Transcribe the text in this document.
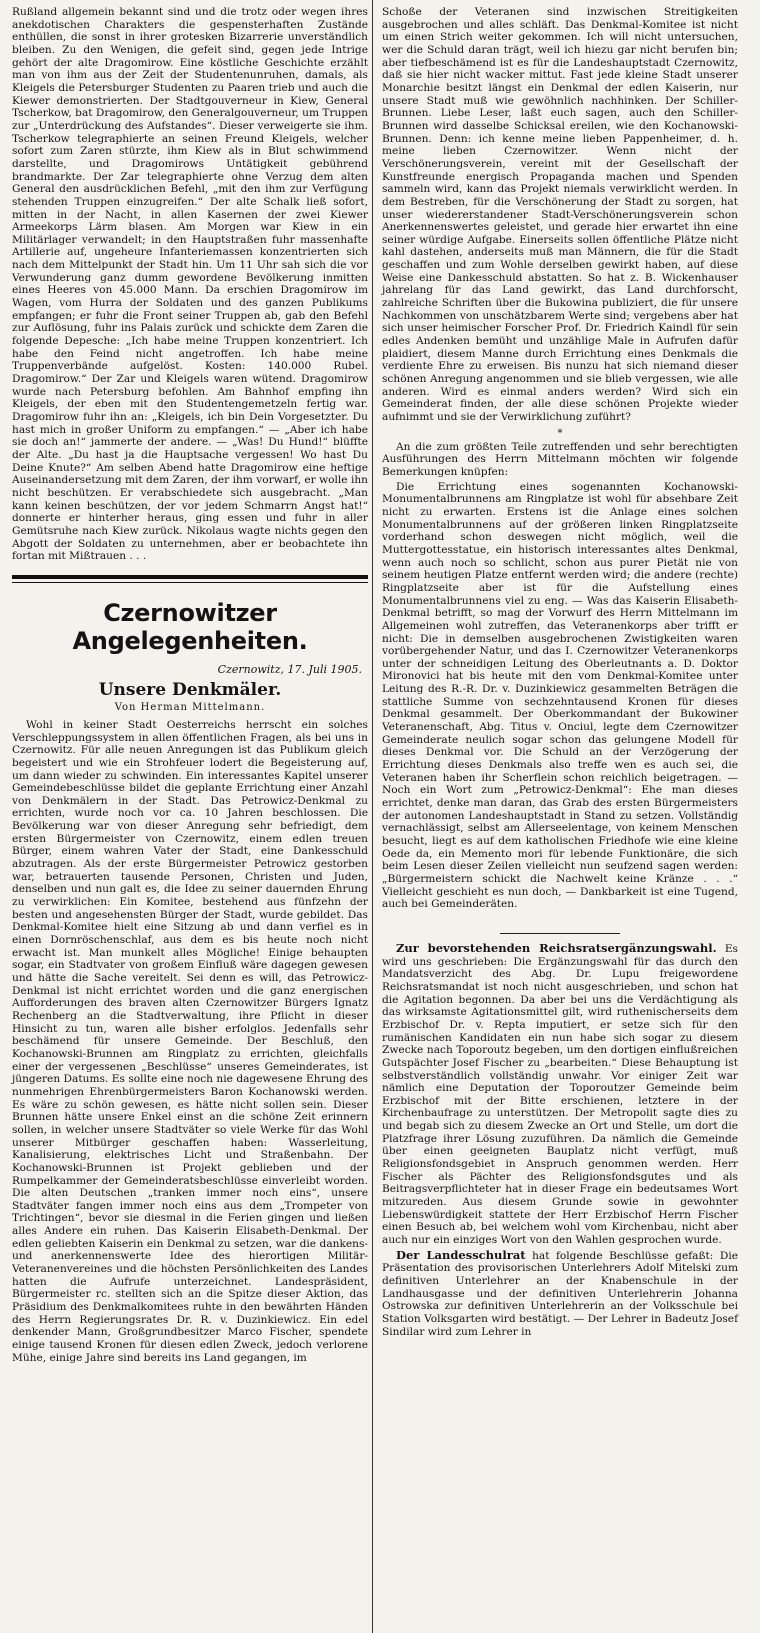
Rußland allgemein bekannt sind und die trotz oder wegen ihres anekdotischen Charakters die gespensterhaften Zustände enthüllen, die sonst in ihrer grotesken Bizarrerie unverständlich bleiben. Zu den Wenigen, die gefeit sind, gegen jede Intrige gehört der alte Dragomirow. Eine köstliche Geschichte erzählt man von ihm aus der Zeit der Studentenunruhen, damals, als Kleigels die Petersburger Studenten zu Paaren trieb und auch die Kiewer demonstrierten. Der Stadtgouverneur in Kiew, General Tscherkow, bat Dragomirow, den Generalgouverneur, um Truppen zur „Unterdrückung des Aufstandes“. Dieser verweigerte sie ihm. Tscherkow telegraphierte an seinen Freund Kleigels, welcher sofort zum Zaren stürzte, ihm Kiew als in Blut schwimmend darstellte, und Dragomirows Untätigkeit gebührend brandmarkte. Der Zar telegraphierte ohne Verzug dem alten General den ausdrücklichen Befehl, „mit den ihm zur Verfügung stehenden Truppen einzugreifen.“ Der alte Schalk ließ sofort, mitten in der Nacht, in allen Kasernen der zwei Kiewer Armeekorps Lärm blasen. Am Morgen war Kiew in ein Militärlager verwandelt; in den Hauptstraßen fuhr massenhafte Artillerie auf, ungeheure Infanteriemassen konzentrierten sich nach dem Mittelpunkt der Stadt hin. Um 11 Uhr sah sich die vor Verwunderung ganz dumm gewordene Bevölkerung inmitten eines Heeres von 45.000 Mann. Da erschien Dragomirow im Wagen, vom Hurra der Soldaten und des ganzen Publikums empfangen; er fuhr die Front seiner Truppen ab, gab den Befehl zur Auflösung, fuhr ins Palais zurück und schickte dem Zaren die folgende Depesche: „Ich habe meine Truppen konzentriert. Ich habe den Feind nicht angetroffen. Ich habe meine Truppenverbände aufgelöst. Kosten: 140.000 Rubel. Dragomirow.“ Der Zar und Kleigels waren wütend. Dragomirow wurde nach Petersburg befohlen. Am Bahnhof empfing ihn Kleigels, der eben mit den Studentengemetzeln fertig war. Dragomirow fuhr ihn an: „Kleigels, ich bin Dein Vorgesetzter. Du hast mich in großer Uniform zu empfangen.“ — „Aber ich habe sie doch an!“ jammerte der andere. — „Was! Du Hund!“ blüffte der Alte. „Du hast ja die Hauptsache vergessen! Wo hast Du Deine Knute?“ Am selben Abend hatte Dragomirow eine heftige Auseinandersetzung mit dem Zaren, der ihm vorwarf, er wolle ihn nicht beschützen. Er verabschiedete sich ausgebracht. „Man kann keinen beschützen, der vor jedem Schmarrn Angst hat!“ donnerte er hinterher heraus, ging essen und fuhr in aller Gemütsruhe nach Kiew zurück. Nikolaus wagte nichts gegen den Abgott der Soldaten zu unternehmen, aber er beobachtete ihn fortan mit Mißtrauen . . .

Czernowitzer Angelegenheiten.
Czernowitz, 17. Juli 1905.
Unsere Denkmäler.
Von Herman Mittelmann.

Wohl in keiner Stadt Oesterreichs herrscht ein solches Verschleppungssystem in allen öffentlichen Fragen, als bei uns in Czernowitz. Für alle neuen Anregungen ist das Publikum gleich begeistert und wie ein Strohfeuer lodert die Begeisterung auf, um dann wieder zu schwinden. Ein interessantes Kapitel unserer Gemeindebeschlüsse bildet die geplante Errichtung einer Anzahl von Denkmälern in der Stadt. Das Petrowicz-Denkmal zu errichten, wurde noch vor ca. 10 Jahren beschlossen. Die Bevölkerung war von dieser Anregung sehr befriedigt, dem ersten Bürgermeister von Czernowitz, einem edlen treuen Bürger, einem wahren Vater der Stadt, eine Dankesschuld abzutragen. Als der erste Bürgermeister Petrowicz gestorben war, betrauerten tausende Personen, Christen und Juden, denselben und nun galt es, die Idee zu seiner dauernden Ehrung zu verwirklichen: Ein Komitee, bestehend aus fünfzehn der besten und angesehensten Bürger der Stadt, wurde gebildet. Das Denkmal-Komitee hielt eine Sitzung ab und dann verfiel es in einen Dornröschenschlaf, aus dem es bis heute noch nicht erwacht ist. Man munkelt alles Mögliche! Einige behaupten sogar, ein Stadtvater von großem Einfluß wäre dagegen gewesen und hätte die Sache vereitelt. Sei denn es will, das Petrowicz-Denkmal ist nicht errichtet worden und die ganz energischen Aufforderungen des braven alten Czernowitzer Bürgers Ignatz Rechenberg an die Stadtverwaltung, ihre Pflicht in dieser Hinsicht zu tun, waren alle bisher erfolglos. Jedenfalls sehr beschämend für unsere Gemeinde. Der Beschluß, den Kochanowski-Brunnen am Ringplatz zu errichten, gleichfalls einer der vergessenen „Beschlüsse“ unseres Gemeinderates, ist jüngeren Datums. Es sollte eine noch nie dagewesene Ehrung des nunmehrigen Ehrenbürgermeisters Baron Kochanowski werden. Es wäre zu schön gewesen, es hätte nicht sollen sein. Dieser Brunnen hätte unsere Enkel einst an die schöne Zeit erinnern sollen, in welcher unsere Stadtväter so viele Werke für das Wohl unserer Mitbürger geschaffen haben: Wasserleitung, Kanalisierung, elektrisches Licht und Straßenbahn. Der Kochanowski-Brunnen ist Projekt geblieben und der Rumpelkammer der Gemeinderatsbeschlüsse einverleibt worden. Die alten Deutschen „tranken immer noch eins“, unsere Stadtväter fangen immer noch eins aus dem „Trompeter von Trichtingen“, bevor sie diesmal in die Ferien gingen und ließen alles Andere ein ruhen. Das Kaiserin Elisabeth-Denkmal. Der edlen geliebten Kaiserin ein Denkmal zu setzen, war die dankens- und anerkennenswerte Idee des hierortigen Militär-Veteranenvereines und die höchsten Persönlichkeiten des Landes hatten die Aufrufe unterzeichnet. Landespräsident, Bürgermeister rc. stellten sich an die Spitze dieser Aktion, das Präsidium des Denkmalkomitees ruhte in den bewährten Händen des Herrn Regierungsrates Dr. R. v. Duzinkiewicz. Ein edel denkender Mann, Großgrundbesitzer Marco Fischer, spendete einige tausend Kronen für diesen edlen Zweck, jedoch verlorene Mühe, einige Jahre sind bereits ins Land gegangen, im

Schoße der Veteranen sind inzwischen Streitigkeiten ausgebrochen und alles schläft. Das Denkmal-Komitee ist nicht um einen Strich weiter gekommen. Ich will nicht untersuchen, wer die Schuld daran trägt, weil ich hiezu gar nicht berufen bin; aber tiefbeschämend ist es für die Landeshauptstadt Czernowitz, daß sie hier nicht wacker mittut. Fast jede kleine Stadt unserer Monarchie besitzt längst ein Denkmal der edlen Kaiserin, nur unsere Stadt muß wie gewöhnlich nachhinken. Der Schiller-Brunnen. Liebe Leser, laßt euch sagen, auch den Schiller-Brunnen wird dasselbe Schicksal ereilen, wie den Kochanowski-Brunnen. Denn: ich kenne meine lieben Pappenheimer, d. h. meine lieben Czernowitzer. Wenn nicht der Verschönerungsverein, vereint mit der Gesellschaft der Kunstfreunde energisch Propaganda machen und Spenden sammeln wird, kann das Projekt niemals verwirklicht werden. In dem Bestreben, für die Verschönerung der Stadt zu sorgen, hat unser wiedererstandener Stadt-Verschönerungsverein schon Anerkennenswertes geleistet, und gerade hier erwartet ihn eine seiner würdige Aufgabe. Einerseits sollen öffentliche Plätze nicht kahl dastehen, anderseits muß man Männern, die für die Stadt geschaffen und zum Wohle derselben gewirkt haben, auf diese Weise eine Dankesschuld abstatten. So hat z. B. Wickenhauser jahrelang für das Land gewirkt, das Land durchforscht, zahlreiche Schriften über die Bukowina publiziert, die für unsere Nachkommen von unschätzbarem Werte sind; vergebens aber hat sich unser heimischer Forscher Prof. Dr. Friedrich Kaindl für sein edles Andenken bemüht und unzählige Male in Aufrufen dafür plaidiert, diesem Manne durch Errichtung eines Denkmals die verdiente Ehre zu erweisen. Bis nunzu hat sich niemand dieser schönen Anregung angenommen und sie blieb vergessen, wie alle anderen. Wird es einmal anders werden? Wird sich ein Gemeinderat finden, der alle diese schönen Projekte wieder aufnimmt und sie der Verwirklichung zuführt?

*

An die zum größten Teile zutreffenden und sehr berechtigten Ausführungen des Herrn Mittelmann möchten wir folgende Bemerkungen knüpfen:

Die Errichtung eines sogenannten Kochanowski-Monumentalbrunnens am Ringplatze ist wohl für absehbare Zeit nicht zu erwarten. Erstens ist die Anlage eines solchen Monumentalbrunnens auf der größeren linken Ringplatzseite vorderhand schon deswegen nicht möglich, weil die Muttergottesstatue, ein historisch interessantes altes Denkmal, wenn auch noch so schlicht, schon aus purer Pietät nie von seinem heutigen Platze entfernt werden wird; die andere (rechte) Ringplatzseite aber ist für die Aufstellung eines Monumentalbrunnens viel zu eng. — Was das Kaiserin Elisabeth-Denkmal betrifft, so mag der Vorwurf des Herrn Mittelmann im Allgemeinen wohl zutreffen, das Veteranenkorps aber trifft er nicht: Die in demselben ausgebrochenen Zwistigkeiten waren vorübergehender Natur, und das I. Czernowitzer Veteranenkorps unter der schneidigen Leitung des Oberleutnants a. D. Doktor Mironovici hat bis heute mit den vom Denkmal-Komitee unter Leitung des R.-R. Dr. v. Duzinkiewicz gesammelten Beträgen die stattliche Summe von sechzehntausend Kronen für dieses Denkmal gesammelt. Der Oberkommandant der Bukowiner Veteranenschaft, Abg. Titus v. Onciul, legte dem Czernowitzer Gemeinderate neulich sogar schon das gelungene Modell für dieses Denkmal vor. Die Schuld an der Verzögerung der Errichtung dieses Denkmals also treffe wen es auch sei, die Veteranen haben ihr Scherflein schon reichlich beigetragen. — Noch ein Wort zum „Petrowicz-Denkmal“: Ehe man dieses errichtet, denke man daran, das Grab des ersten Bürgermeisters der autonomen Landeshauptstadt in Stand zu setzen. Vollständig vernachlässigt, selbst am Allerseelentage, von keinem Menschen besucht, liegt es auf dem katholischen Friedhofe wie eine kleine Oede da, ein Memento mori für lebende Funktionäre, die sich beim Lesen dieser Zeilen vielleicht nun seufzend sagen werden: „Bürgermeistern schickt die Nachwelt keine Kränze . . .“ Vielleicht geschieht es nun doch, — Dankbarkeit ist eine Tugend, auch bei Gemeinderäten.

Zur bevorstehenden Reichsratsergänzungswahl. Es wird uns geschrieben: Die Ergänzungswahl für das durch den Mandatsverzicht des Abg. Dr. Lupu freigewordene Reichsratsmandat ist noch nicht ausgeschrieben, und schon hat die Agitation begonnen. Da aber bei uns die Verdächtigung als das wirksamste Agitationsmittel gilt, wird ruthenischerseits dem Erzbischof Dr. v. Repta imputiert, er setze sich für den rumänischen Kandidaten ein nun habe sich sogar zu diesem Zwecke nach Toporoutz begeben, um den dortigen einflußreichen Gutspächter Josef Fischer zu „bearbeiten.“ Diese Behauptung ist selbstverständlich vollständig unwahr. Vor einiger Zeit war nämlich eine Deputation der Toporoutzer Gemeinde beim Erzbischof mit der Bitte erschienen, letztere in der Kirchenbaufrage zu unterstützen. Der Metropolit sagte dies zu und begab sich zu diesem Zwecke an Ort und Stelle, um dort die Platzfrage ihrer Lösung zuzuführen. Da nämlich die Gemeinde über einen geeigneten Bauplatz nicht verfügt, muß Religionsfondsgebiet in Anspruch genommen werden. Herr Fischer als Pächter des Religionsfondsgutes und als Beitragsverpflichteter hat in dieser Frage ein bedeutsames Wort mitzureden. Aus diesem Grunde sowie in gewohnter Liebenswürdigkeit stattete der Herr Erzbischof Herrn Fischer einen Besuch ab, bei welchem wohl vom Kirchenbau, nicht aber auch nur ein einziges Wort von den Wahlen gesprochen wurde.

Der Landesschulrat hat folgende Beschlüsse gefaßt: Die Präsentation des provisorischen Unterlehrers Adolf Mitelski zum definitiven Unterlehrer an der Knabenschule in der Landhausgasse und der definitiven Unterlehrerin Johanna Ostrowska zur definitiven Unterlehrerin an der Volksschule bei Station Volksgarten wird bestätigt. — Der Lehrer in Badeutz Josef Sindilar wird zum Lehrer in
